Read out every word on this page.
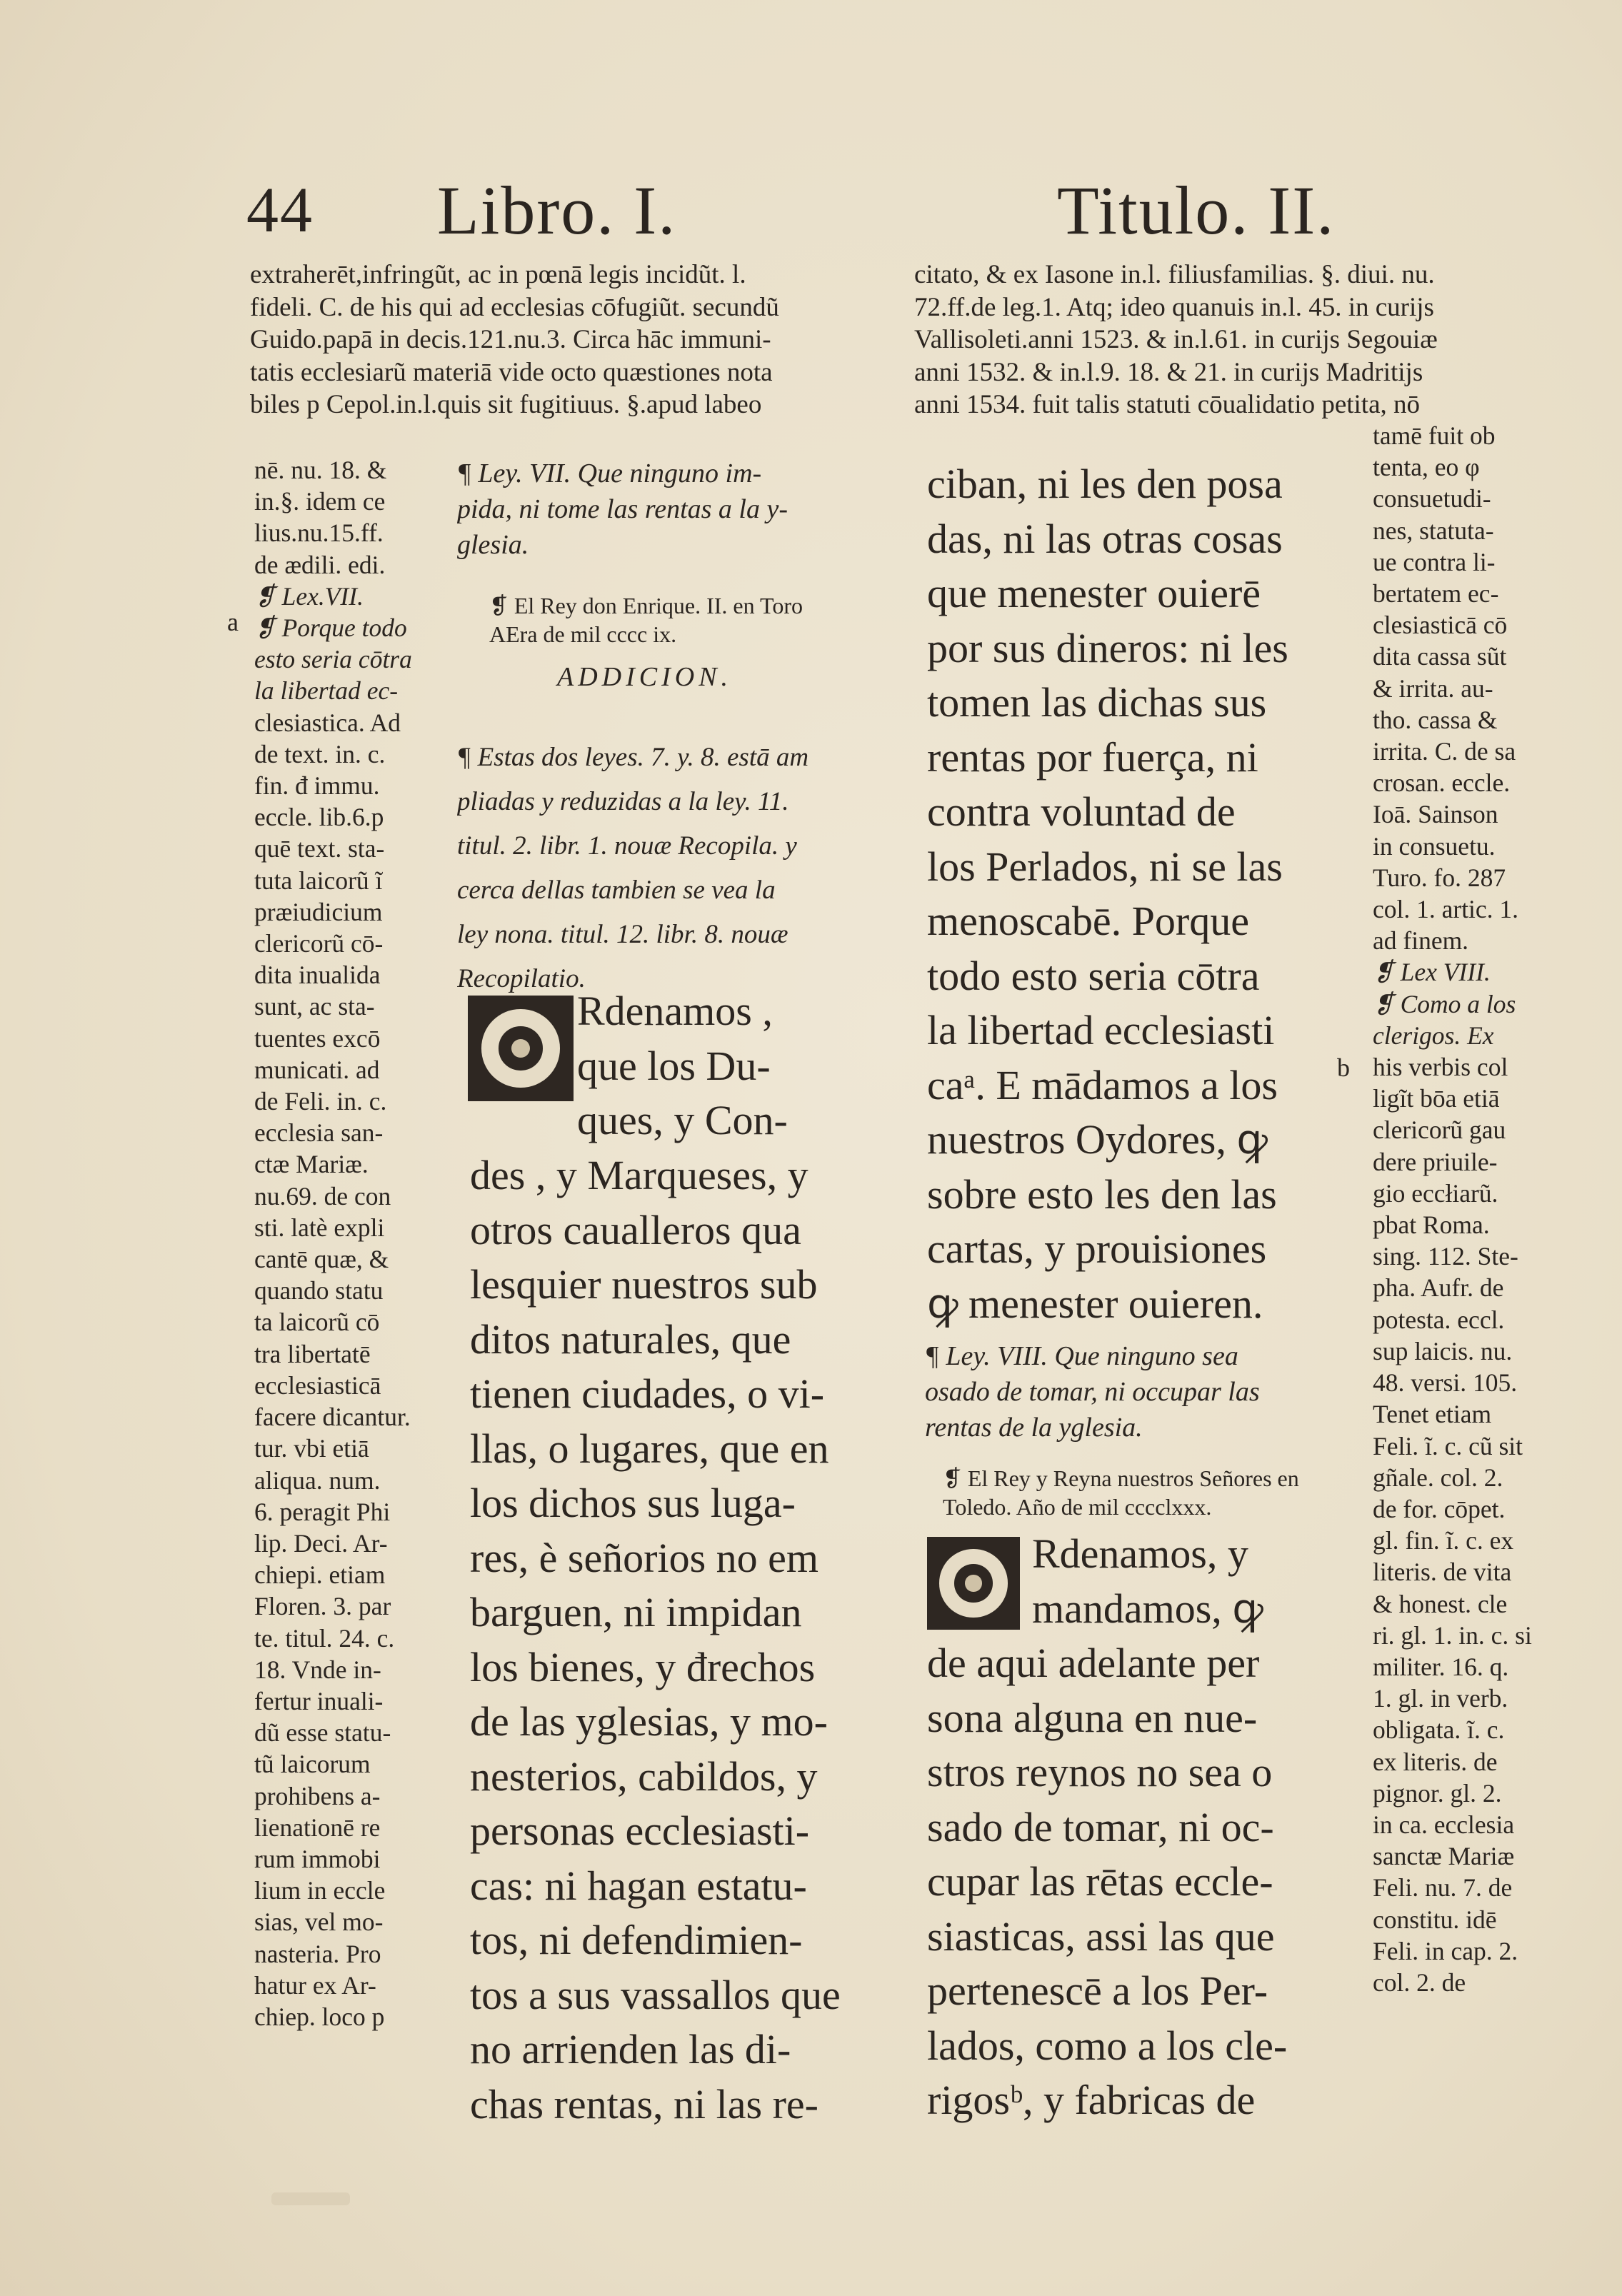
44 Libro. I.	Titulo. II.
extraherēt,infringũt, ac in pœnā legis incidũt. l.
fideli. C. de his qui ad ecclesias cōfugiũt. secundũ
Guido.papā in decis.121.nu.3. Circa hāc immuni-
tatis ecclesiarũ materiā vide octo quæstiones nota
biles p Cepol.in.l.quis sit fugitiuus. §.apud labeo
citato, & ex Iasone in.l. filiusfamilias. §. diui. nu.
72.ff.de leg.1. Atq; ideo quanuis in.l. 45. in curijs
Vallisoleti.anni 1523. & in.l.61. in curijs Segouiæ
anni 1532. & in.l.9. 18. & 21. in curijs Madritijs
anni 1534. fuit talis statuti cōualidatio petita, nō
nē. nu. 18. &
in.§. idem ce
lius.nu.15.ff.
de ædili. edi.
❡ Lex.VII.
❡ Porque todo
esto seria cōtra
la libertad ec-
clesiastica. Ad
de text. in. c.
fin. đ immu.
eccle. lib.6.p
quē text. sta-
tuta laicorũ ĩ
præiudicium
clericorũ cō-
dita inualida
sunt, ac sta-
tuentes excō
municati. ad
de Feli. in. c.
ecclesia san-
ctæ Mariæ.
nu.69. de con
sti. latè expli
cantē quæ, &
quando statu
ta laicorũ cō
tra libertatē
ecclesiasticā
facere dicantur.
tur. vbi etiā
aliqua. num.
6. peragit Phi
lip. Deci. Ar-
chiepi. etiam
Floren. 3. par
te. titul. 24. c.
18. Vnde in-
fertur inuali-
dũ esse statu-
tũ laicorum
prohibens a-
lienationē re
rum immobi
lium in eccle
sias, vel mo-
nasteria. Pro
hatur ex Ar-
chiep. loco p
a
tamē fuit ob
tenta, eo φ
consuetudi-
nes, statuta-
ue contra li-
bertatem ec-
clesiasticā cō
dita cassa sũt
& irrita. au-
tho. cassa &
irrita. C. de sa
crosan. eccle.
Ioā. Sainson
in consuetu.
Turo. fo. 287
col. 1. artic. 1.
ad finem.
❡ Lex VIII.
❡ Como a los
clerigos. Ex
his verbis col
ligĩt bōa etiā
clericorũ gau
dere priuile-
gio eccłiarũ.
pbat Roma.
sing. 112. Ste-
pha. Aufr. de
potesta. eccl.
sup laicis. nu.
48. versi. 105.
Tenet etiam
Feli. ĩ. c. cũ sit
gñale. col. 2.
de for. cōpet.
gl. fin. ĩ. c. ex
literis. de vita
& honest. cle
ri. gl. 1. in. c. si
militer. 16. q.
1. gl. in verb.
obligata. ĩ. c.
ex literis. de
pignor. gl. 2.
in ca. ecclesia
sanctæ Mariæ
Feli. nu. 7. de
constitu. idē
Feli. in cap. 2.
col. 2. de
b
¶ Ley. VII. Que ninguno im-
pida, ni tome las rentas a la y-
glesia.
❡ El Rey don Enrique. II. en Toro
AEra de mil cccc ix.
ADDICION.
¶ Estas dos leyes. 7. y. 8. estā am
pliadas y reduzidas a la ley. 11.
titul. 2. libr. 1. nouæ Recopila. y
cerca dellas tambien se vea la
ley nona. titul. 12. libr. 8. nouæ
Recopilatio.
Rdenamos ,
que los Du-
ques, y Con-
des , y Marqueses, y
otros caualleros qua
lesquier nuestros sub
ditos naturales, que
tienen ciudades, o vi-
llas, o lugares, que en
los dichos sus luga-
res, è señorios no em
barguen, ni impidan
los bienes, y đrechos
de las yglesias, y mo-
nesterios, cabildos, y
personas ecclesiasti-
cas: ni hagan estatu-
tos, ni defendimien-
tos a sus vassallos que
no arrienden las di-
chas rentas, ni las re-
ciban, ni les den posa
das, ni las otras cosas
que menester ouierē
por sus dineros: ni les
tomen las dichas sus
rentas por fuerça, ni
contra voluntad de
los Perlados, ni se las
menoscabē. Porque
todo esto seria cōtra
la libertad ecclesiasti
caᵃ. E mādamos a los
nuestros Oydores, ꝙ
sobre esto les den las
cartas, y prouisiones
ꝙ menester ouieren.
¶ Ley. VIII. Que ninguno sea
osado de tomar, ni occupar las
rentas de la yglesia.
❡ El Rey y Reyna nuestros Señores en
Toledo. Año de mil cccclxxx.
Rdenamos, y
mandamos, ꝙ
de aqui adelante per
sona alguna en nue-
stros reynos no sea o
sado de tomar, ni oc-
cupar las rētas eccle-
siasticas, assi las que
pertenescē a los Per-
lados, como a los cle-
rigosᵇ, y fabricas de
